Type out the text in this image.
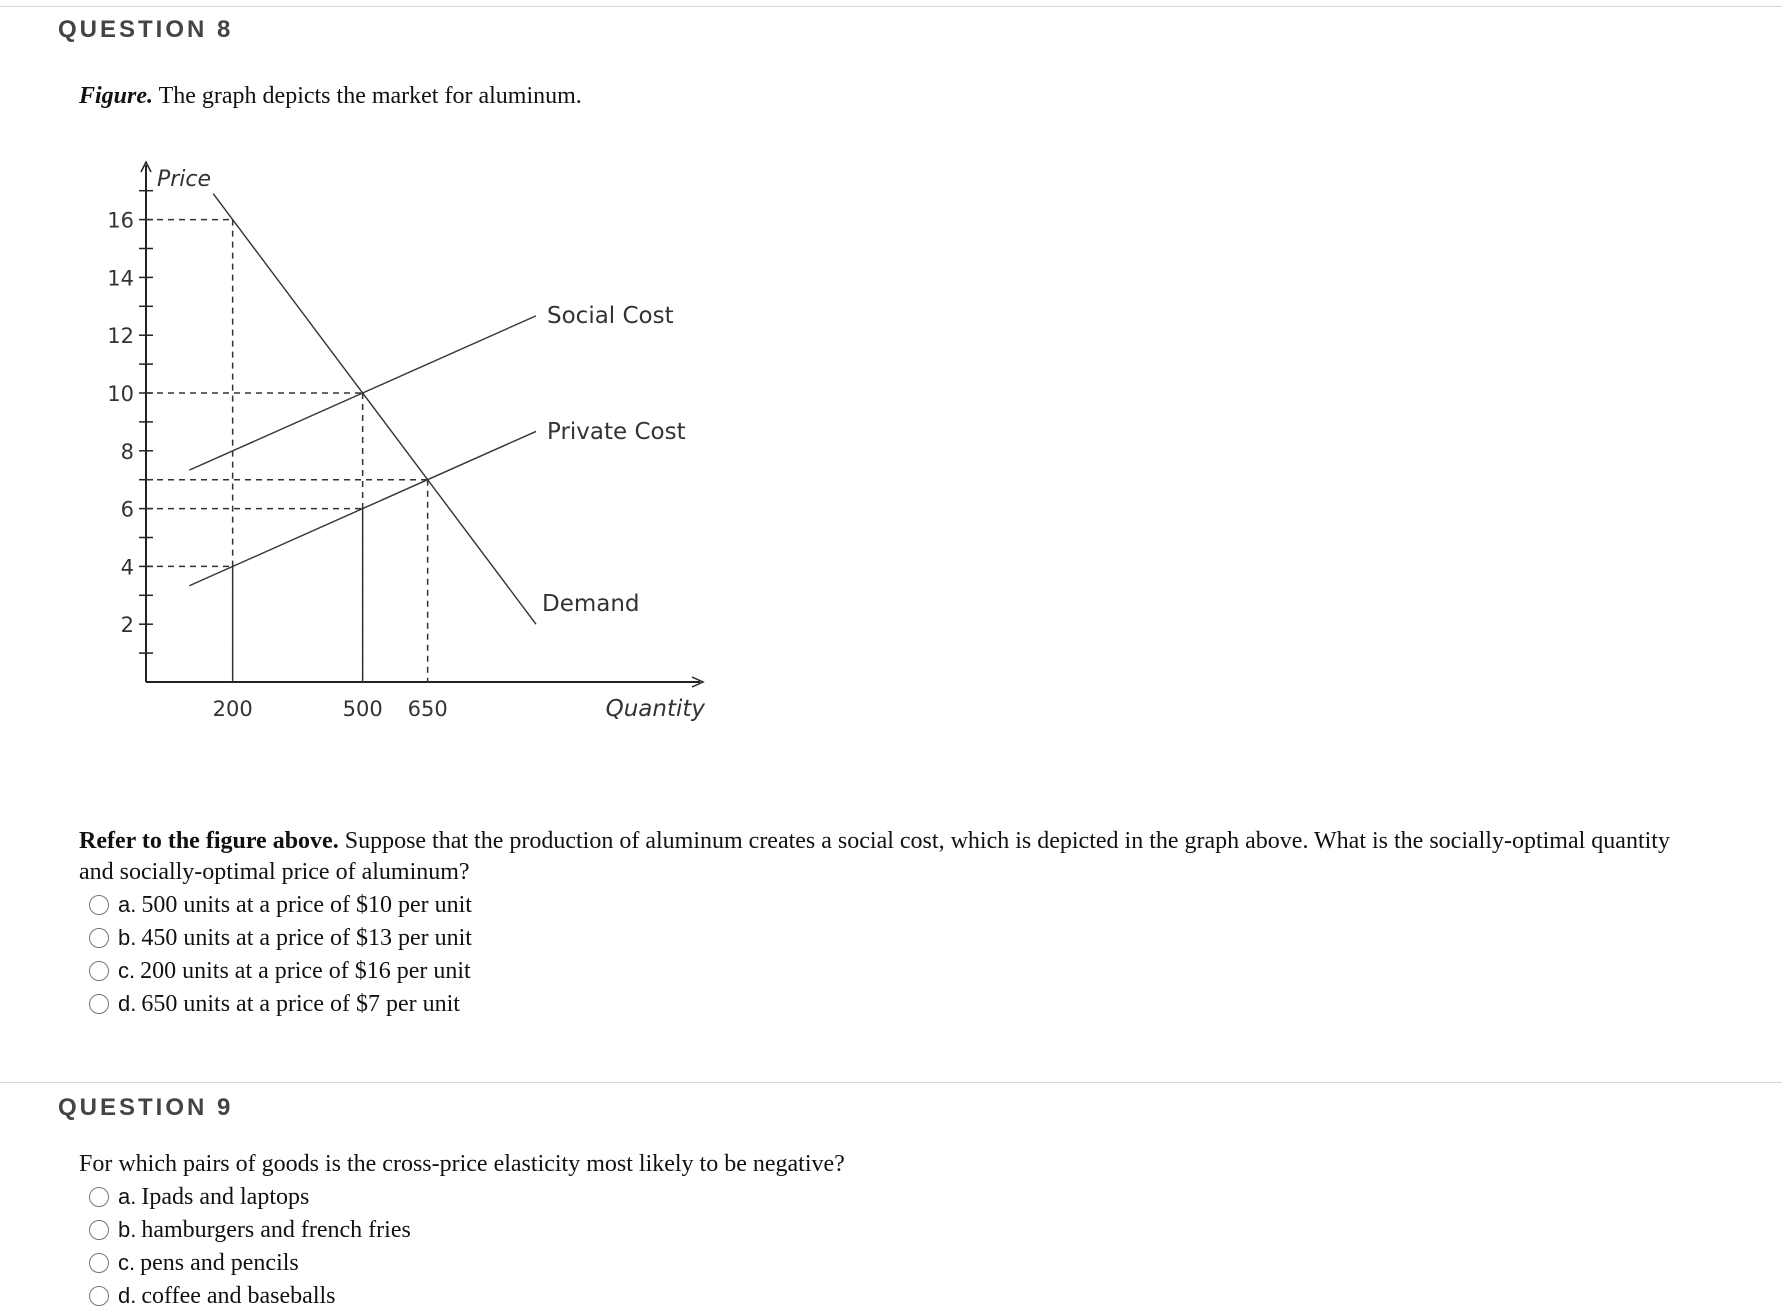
QUESTION 8
Figure. The graph depicts the market for aluminum.
2
4
6
8
10
12
14
16
200	500 650
Price
Quantity
Social Cost
Private Cost
Demand
Refer to the figure above. Suppose that the production of aluminum creates a social cost, which is depicted in the graph above. What is the socially-optimal quantity and socially-optimal price of aluminum?
a. 500 units at a price of $10 per unit
b. 450 units at a price of $13 per unit
c. 200 units at a price of $16 per unit
d. 650 units at a price of $7 per unit
QUESTION 9
For which pairs of goods is the cross-price elasticity most likely to be negative?
a. Ipads and laptops
b. hamburgers and french fries
c. pens and pencils
d. coffee and baseballs
